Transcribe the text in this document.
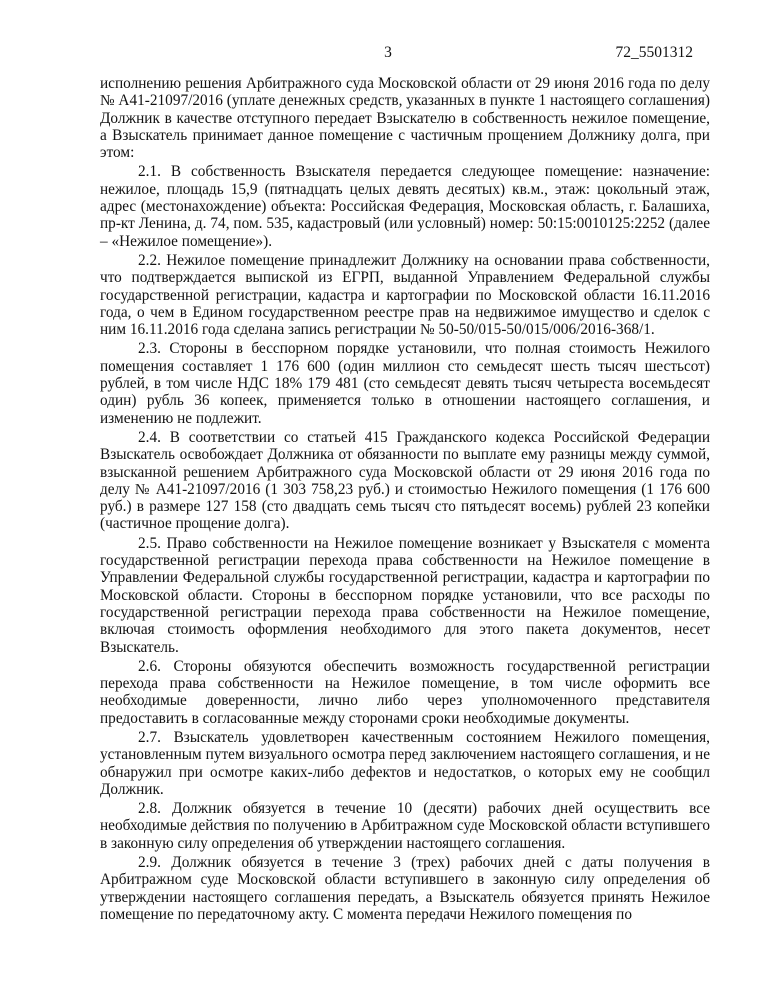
3	72_5501312

исполнению решения Арбитражного суда Московской области от 29 июня 2016 года по делу № А41-21097/2016 (уплате денежных средств, указанных в пункте 1 настоящего соглашения) Должник в качестве отступного передает Взыскателю в собственность нежилое помещение, а Взыскатель принимает данное помещение с частичным прощением Должнику долга, при этом:

2.1. В собственность Взыскателя передается следующее помещение: назначение: нежилое, площадь 15,9 (пятнадцать целых девять десятых) кв.м., этаж: цокольный этаж, адрес (местонахождение) объекта: Российская Федерация, Московская область, г. Балашиха, пр-кт Ленина, д. 74, пом. 535, кадастровый (или условный) номер: 50:15:0010125:2252 (далее – «Нежилое помещение»).

2.2. Нежилое помещение принадлежит Должнику на основании права собственности, что подтверждается выпиской из ЕГРП, выданной Управлением Федеральной службы государственной регистрации, кадастра и картографии по Московской области 16.11.2016 года, о чем в Едином государственном реестре прав на недвижимое имущество и сделок с ним 16.11.2016 года сделана запись регистрации № 50-50/015-50/015/006/2016-368/1.

2.3. Стороны в бесспорном порядке установили, что полная стоимость Нежилого помещения составляет 1 176 600 (один миллион сто семьдесят шесть тысяч шестьсот) рублей, в том числе НДС 18% 179 481 (сто семьдесят девять тысяч четыреста восемьдесят один) рубль 36 копеек, применяется только в отношении настоящего соглашения, и изменению не подлежит.

2.4. В соответствии со статьей 415 Гражданского кодекса Российской Федерации Взыскатель освобождает Должника от обязанности по выплате ему разницы между суммой, взысканной решением Арбитражного суда Московской области от 29 июня 2016 года по делу № А41-21097/2016 (1 303 758,23 руб.) и стоимостью Нежилого помещения (1 176 600 руб.) в размере 127 158 (сто двадцать семь тысяч сто пятьдесят восемь) рублей 23 копейки (частичное прощение долга).

2.5. Право собственности на Нежилое помещение возникает у Взыскателя с момента государственной регистрации перехода права собственности на Нежилое помещение в Управлении Федеральной службы государственной регистрации, кадастра и картографии по Московской области. Стороны в бесспорном порядке установили, что все расходы по государственной регистрации перехода права собственности на Нежилое помещение, включая стоимость оформления необходимого для этого пакета документов, несет Взыскатель.

2.6. Стороны обязуются обеспечить возможность государственной регистрации перехода права собственности на Нежилое помещение, в том числе оформить все необходимые доверенности, лично либо через уполномоченного представителя предоставить в согласованные между сторонами сроки необходимые документы.

2.7. Взыскатель удовлетворен качественным состоянием Нежилого помещения, установленным путем визуального осмотра перед заключением настоящего соглашения, и не обнаружил при осмотре каких-либо дефектов и недостатков, о которых ему не сообщил Должник.

2.8. Должник обязуется в течение 10 (десяти) рабочих дней осуществить все необходимые действия по получению в Арбитражном суде Московской области вступившего в законную силу определения об утверждении настоящего соглашения.

2.9. Должник обязуется в течение 3 (трех) рабочих дней с даты получения в Арбитражном суде Московской области вступившего в законную силу определения об утверждении настоящего соглашения передать, а Взыскатель обязуется принять Нежилое помещение по передаточному акту. С момента передачи Нежилого помещения по
